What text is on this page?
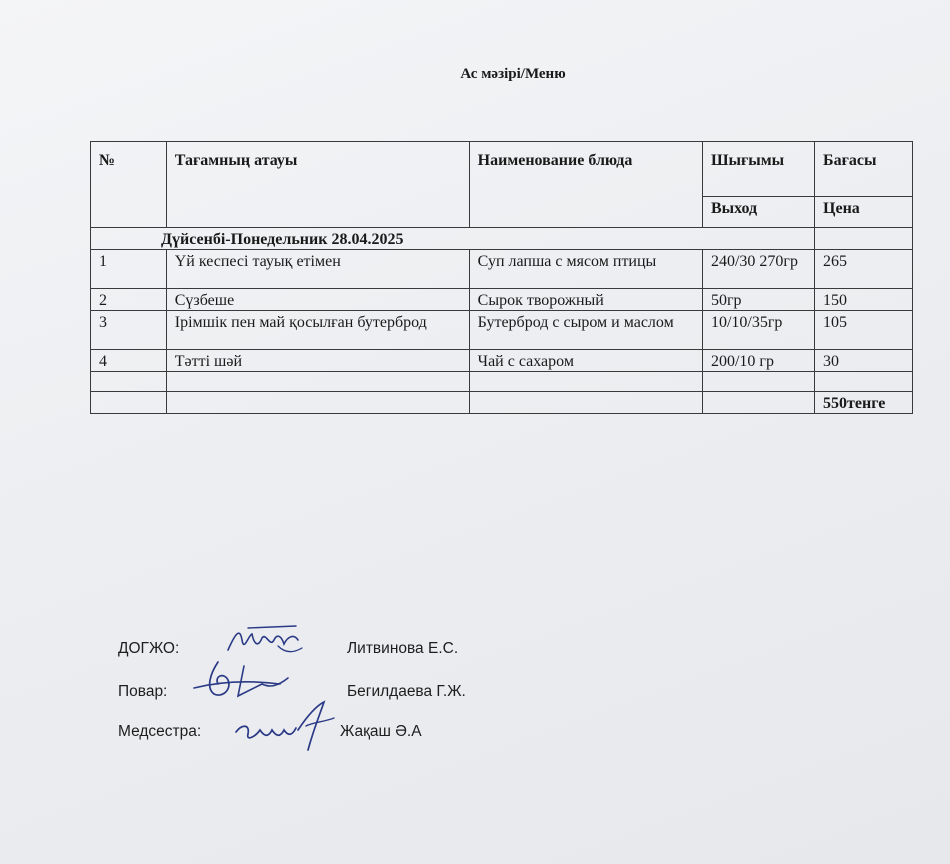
Ас мәзірі/Меню
№	Тағамның атауы	Наименование блюда	Шығымы	Бағасы
			Выход	Цена
Дүйсенбі-Понедельник 28.04.2025				
1	Үй кеспесі тауық етімен	Суп лапша с мясом птицы	240/30 270гр	265
2	Сүзбеше	Сырок творожный	50гр	150
3	Ірімшік пен май қосылған бутерброд	Бутерброд с сыром и маслом	10/10/35гр	105
4	Тәтті шәй	Чай с сахаром	200/10 гр	30

				550тенге
ДОГЖО:	Литвинова Е.С.
Повар:	Бегилдаева Г.Ж.
Медсестра:	Жақаш Ә.А
